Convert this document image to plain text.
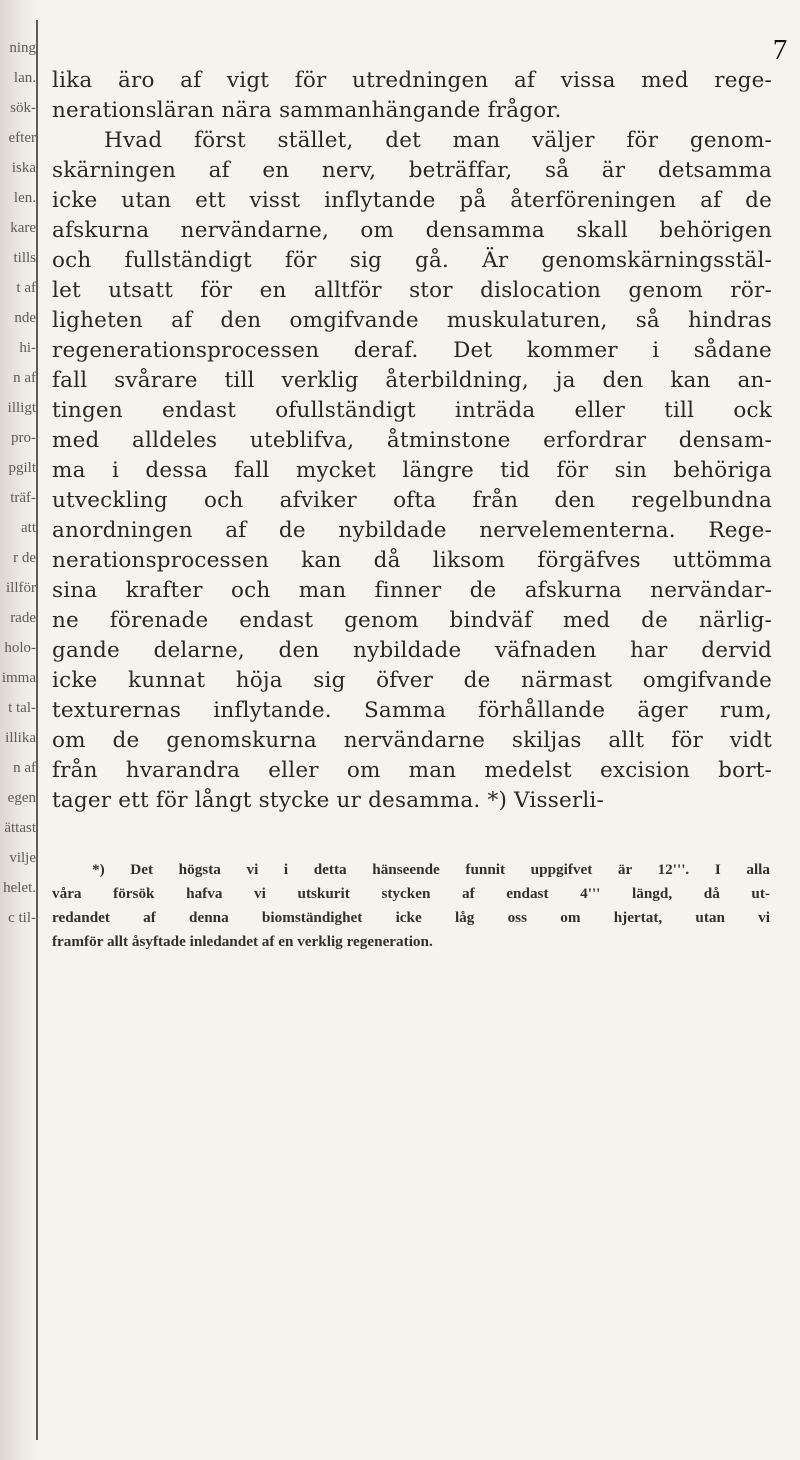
ning
lan.
sök-
efter
iska
len.
kare
tills
t af
nde
hi-
n af
illigt
pro-
pgilt
träf-
att
r de
illför
rade
holo-
imma
t tal-
illika
n af
egen
ättast
vilje
helet.
c til-
7
lika äro af vigt för utredningen af vissa med rege-
nerationsläran nära sammanhängande frågor.
Hvad först stället, det man väljer för genom-
skärningen af en nerv, beträffar, så är detsamma
icke utan ett visst inflytande på återföreningen af de
afskurna nervändarne, om densamma skall behörigen
och fullständigt för sig gå. Är genomskärningsstäl-
let utsatt för en alltför stor dislocation genom rör-
ligheten af den omgifvande muskulaturen, så hindras
regenerationsprocessen deraf. Det kommer i sådane
fall svårare till verklig återbildning, ja den kan an-
tingen endast ofullständigt inträda eller till ock
med alldeles uteblifva, åtminstone erfordrar densam-
ma i dessa fall mycket längre tid för sin behöriga
utveckling och afviker ofta från den regelbundna
anordningen af de nybildade nervelementerna. Rege-
nerationsprocessen kan då liksom förgäfves uttömma
sina krafter och man finner de afskurna nervändar-
ne förenade endast genom bindväf med de närlig-
gande delarne, den nybildade väfnaden har dervid
icke kunnat höja sig öfver de närmast omgifvande
texturernas inflytande. Samma förhållande äger rum,
om de genomskurna nervändarne skiljas allt för vidt
från hvarandra eller om man medelst excision bort-
tager ett för långt stycke ur desamma. *) Visserli-
*) Det högsta vi i detta hänseende funnit uppgifvet är 12'''. I alla
våra försök hafva vi utskurit stycken af endast 4''' längd, då ut-
redandet af denna biomständighet icke låg oss om hjertat, utan vi
framför allt åsyftade inledandet af en verklig regeneration.
